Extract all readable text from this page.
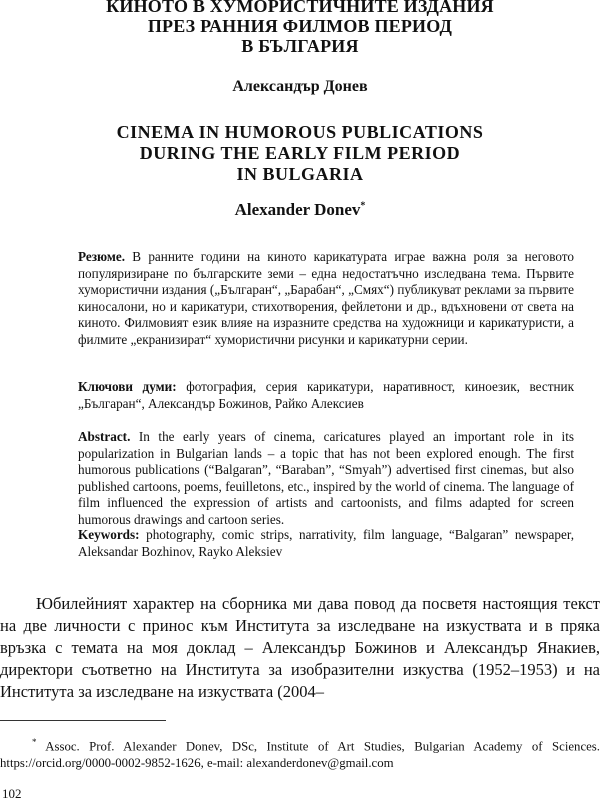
КИНОТО В ХУМОРИСТИЧНИТЕ ИЗДАНИЯ
ПРЕЗ РАННИЯ ФИЛМОВ ПЕРИОД
В БЪЛГАРИЯ
Александър Донев
CINEMA IN HUMOROUS PUBLICATIONS
DURING THE EARLY FILM PERIOD
IN BULGARIA
Alexander Donev*
Резюме. В ранните години на киното карикатурата играе важна роля за неговото популяризиране по българските земи – една недостатъчно изследвана тема. Първите хумористични издания („Българан“, „Барабан“, „Смях“) публикуват реклами за първите киносалони, но и карикатури, стихотворения, фейлетони и др., вдъхновени от света на киното. Филмовият език влияе на изразните средства на художници и карикатуристи, а филмите „екранизират“ хумористични рисунки и карикатурни серии.
Ключови думи: фотография, серия карикатури, наративност, киноезик, вестник „Българан“, Александър Божинов, Райко Алексиев
Abstract. In the early years of cinema, caricatures played an important role in its popularization in Bulgarian lands – a topic that has not been explored enough. The first humorous publications (“Balgaran”, “Baraban”, “Smyah”) advertised first cinemas, but also published cartoons, poems, feuilletons, etc., inspired by the world of cinema. The language of film influenced the expression of artists and cartoonists, and films adapted for screen humorous drawings and cartoon series.
Keywords: photography, comic strips, narrativity, film language, “Balgaran” newspaper, Aleksandar Bozhinov, Rayko Aleksiev
Юбилейният характер на сборника ми дава повод да посветя настоящия текст на две личности с принос към Института за изследване на изкуствата и в пряка връзка с темата на моя доклад – Александър Божинов и Александър Янакиев, директори съответно на Института за изобразителни изкуства (1952–1953) и на Института за изследване на изкуствата (2004–
* Assoc. Prof. Alexander Donev, DSc, Institute of Art Studies, Bulgarian Academy of Sciences. https://orcid.org/0000-0002-9852-1626, e-mail: alexanderdonev@gmail.com
102
